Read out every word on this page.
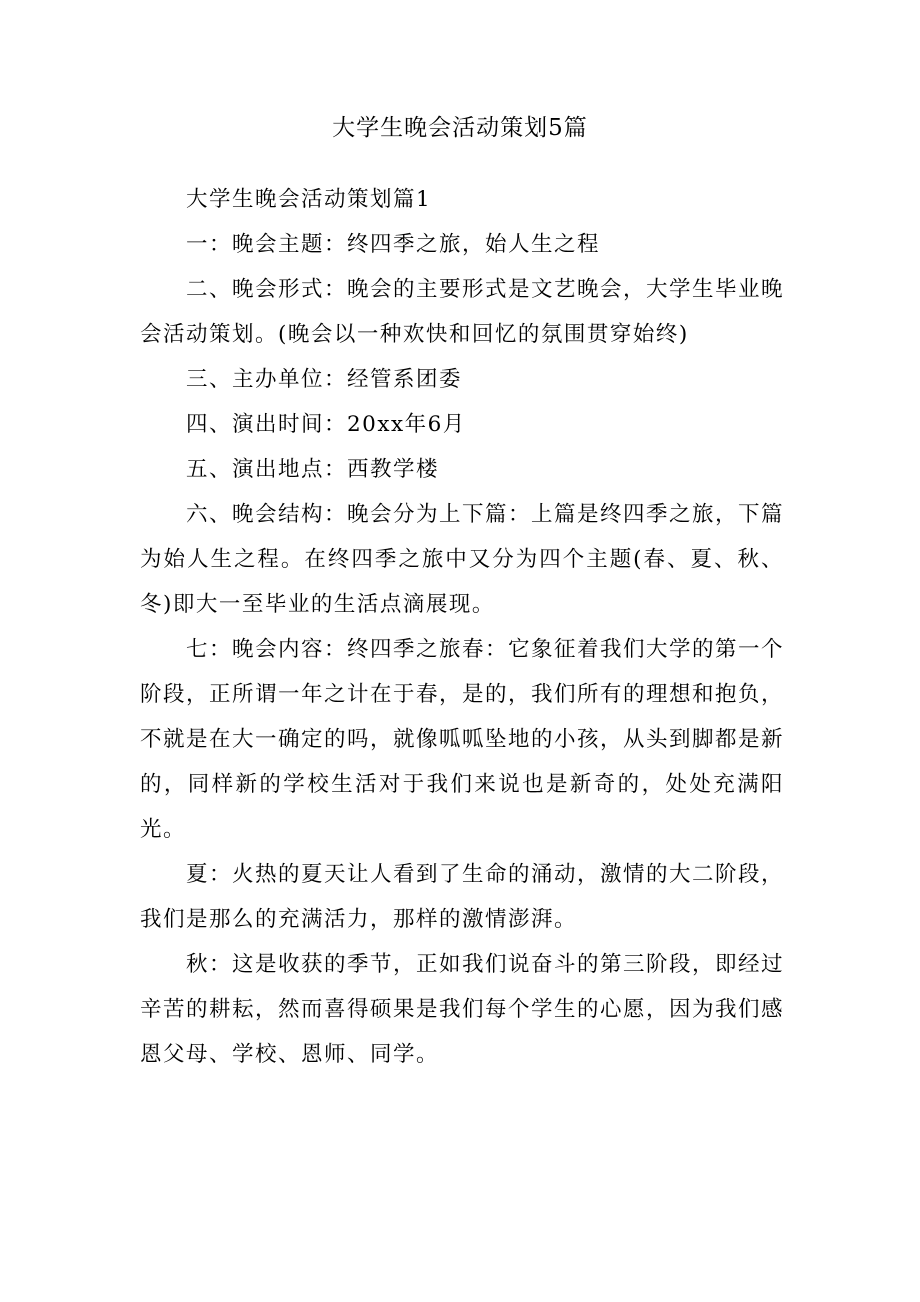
大学生晚会活动策划5篇

大学生晚会活动策划篇1

一：晚会主题：终四季之旅，始人生之程

二、晚会形式：晚会的主要形式是文艺晚会，大学生毕业晚会活动策划。(晚会以一种欢快和回忆的氛围贯穿始终)

三、主办单位：经管系团委

四、演出时间：20xx年6月

五、演出地点：西教学楼

六、晚会结构：晚会分为上下篇：上篇是终四季之旅，下篇为始人生之程。在终四季之旅中又分为四个主题(春、夏、秋、冬)即大一至毕业的生活点滴展现。

七：晚会内容：终四季之旅春：它象征着我们大学的第一个阶段，正所谓一年之计在于春，是的，我们所有的理想和抱负，不就是在大一确定的吗，就像呱呱坠地的小孩，从头到脚都是新的，同样新的学校生活对于我们来说也是新奇的，处处充满阳光。

夏：火热的夏天让人看到了生命的涌动，激情的大二阶段，我们是那么的充满活力，那样的激情澎湃。

秋：这是收获的季节，正如我们说奋斗的第三阶段，即经过辛苦的耕耘，然而喜得硕果是我们每个学生的心愿，因为我们感恩父母、学校、恩师、同学。
